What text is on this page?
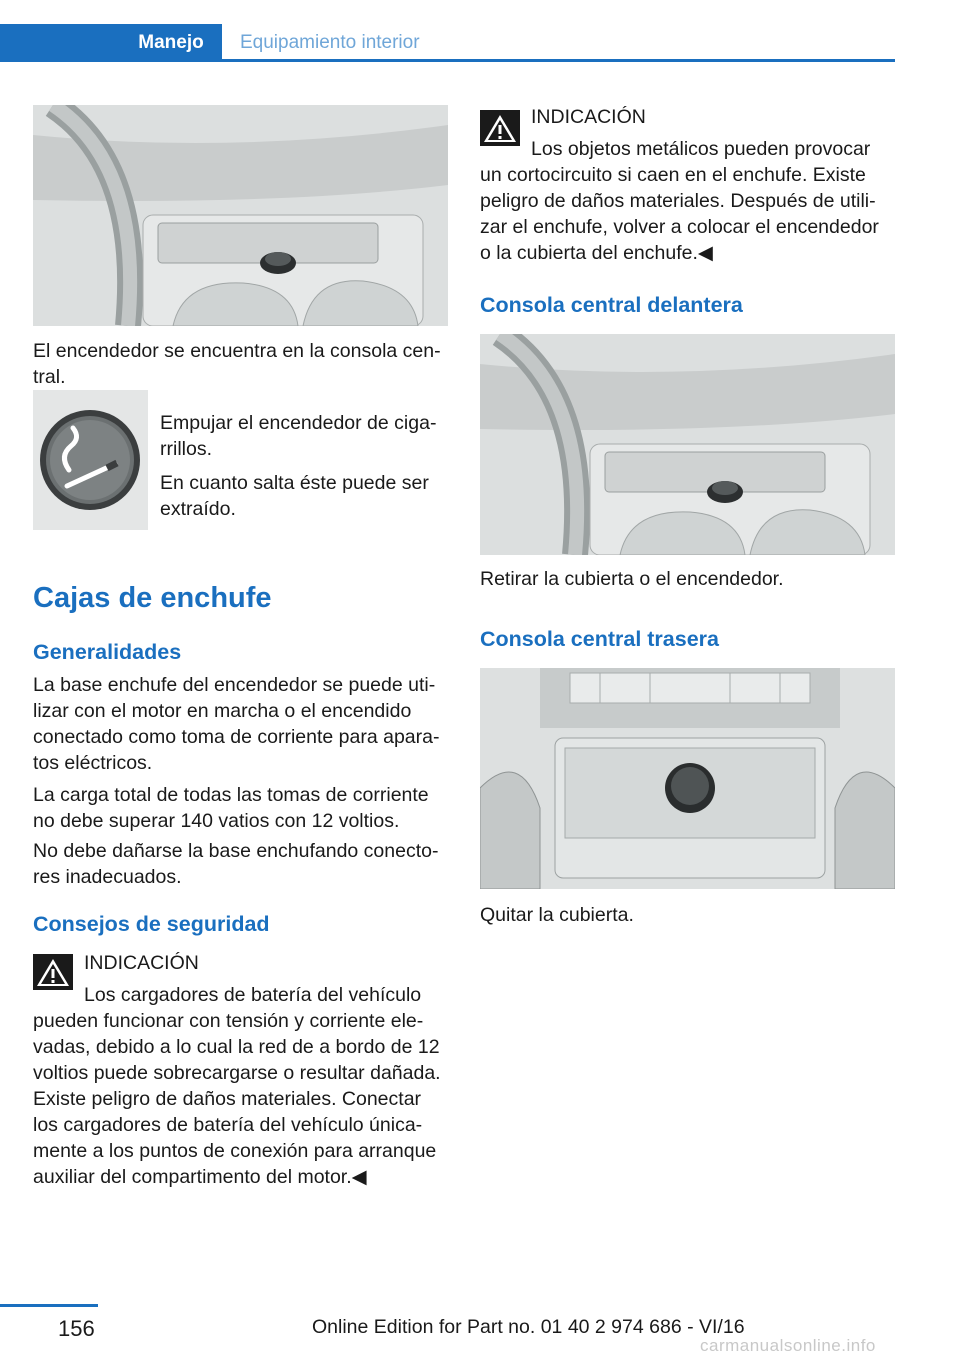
Manejo	Equipamiento interior

El encendedor se encuentra en la consola central.

Empujar el encendedor de cigarrillos.

En cuanto salta éste puede ser extraído.

Cajas de enchufe
Generalidades

La base enchufe del encendedor se puede utilizar con el motor en marcha o el encendido conectado como toma de corriente para aparatos eléctricos.

La carga total de todas las tomas de corriente no debe superar 140 vatios con 12 voltios.

No debe dañarse la base enchufando conectores inadecuados.

Consejos de seguridad

INDICACIÓN

Los cargadores de batería del vehículo pueden funcionar con tensión y corriente elevadas, debido a lo cual la red de a bordo de 12 voltios puede sobrecargarse o resultar dañada. Existe peligro de daños materiales. Conectar los cargadores de batería del vehículo únicamente a los puntos de conexión para arranque auxiliar del compartimento del motor.◀

INDICACIÓN

Los objetos metálicos pueden provocar un cortocircuito si caen en el enchufe. Existe peligro de daños materiales. Después de utilizar el enchufe, volver a colocar el encendedor o la cubierta del enchufe.◀

Consola central delantera

Retirar la cubierta o el encendedor.

Consola central trasera

Quitar la cubierta.

156	Online Edition for Part no. 01 40 2 974 686 - VI/16
carmanualsonline.info
